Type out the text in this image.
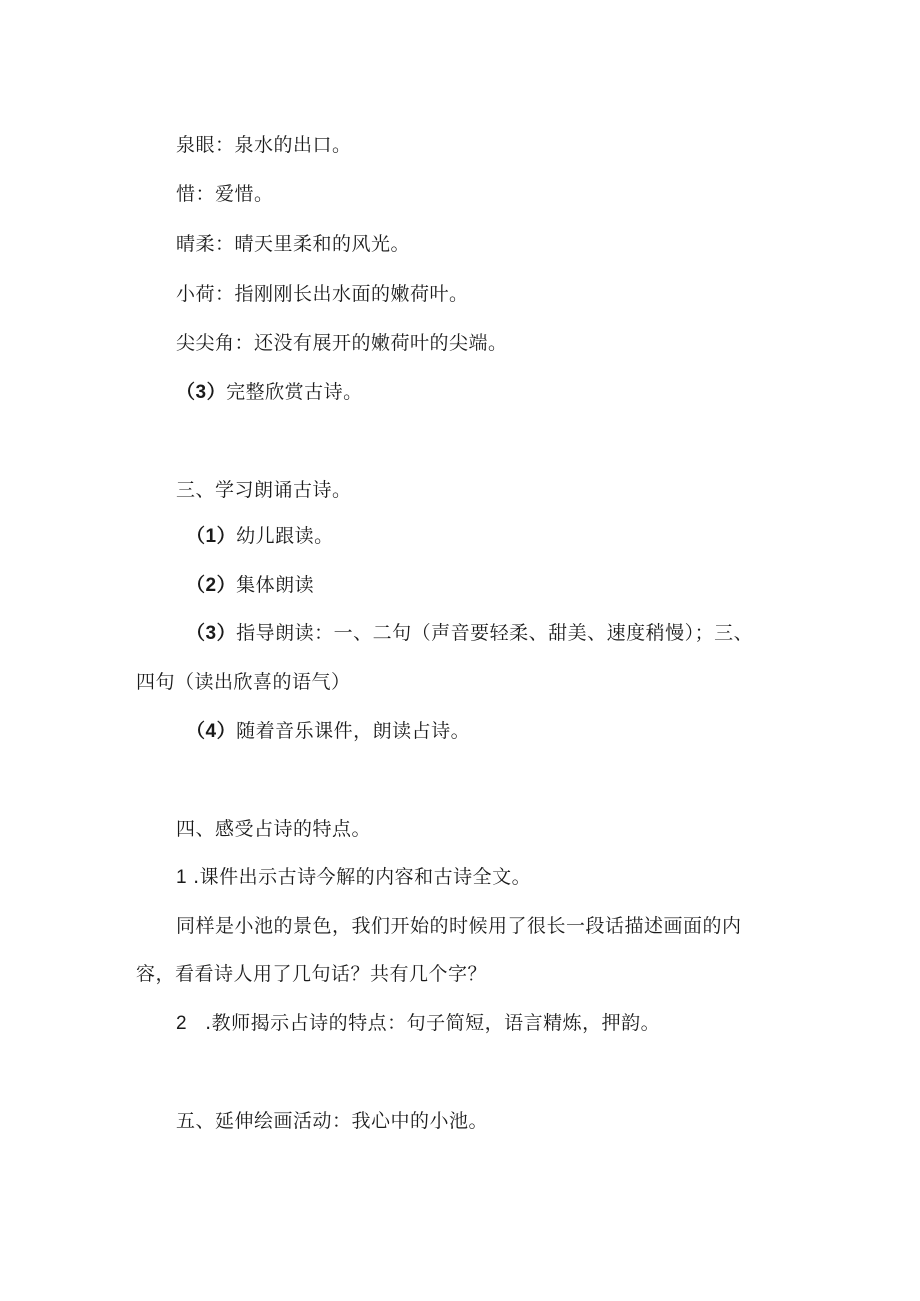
泉眼：泉水的出口。
惜：爱惜。
晴柔：晴天里柔和的风光。
小荷：指刚刚长出水面的嫩荷叶。
尖尖角：还没有展开的嫩荷叶的尖端。
（3）完整欣赏古诗。
三、学习朗诵古诗。
（1）幼儿跟读。
（2）集体朗读
（3）指导朗读：一、二句（声音要轻柔、甜美、速度稍慢）；三、
四句（读出欣喜的语气）
（4）随着音乐课件，朗读占诗。
四、感受占诗的特点。
1 .课件出示古诗今解的内容和古诗全文。
同样是小池的景色，我们开始的时候用了很长一段话描述画面的内
容，看看诗人用了几句话？共有几个字？
2 .教师揭示占诗的特点：句子简短，语言精炼，押韵。
五、延伸绘画活动：我心中的小池。
